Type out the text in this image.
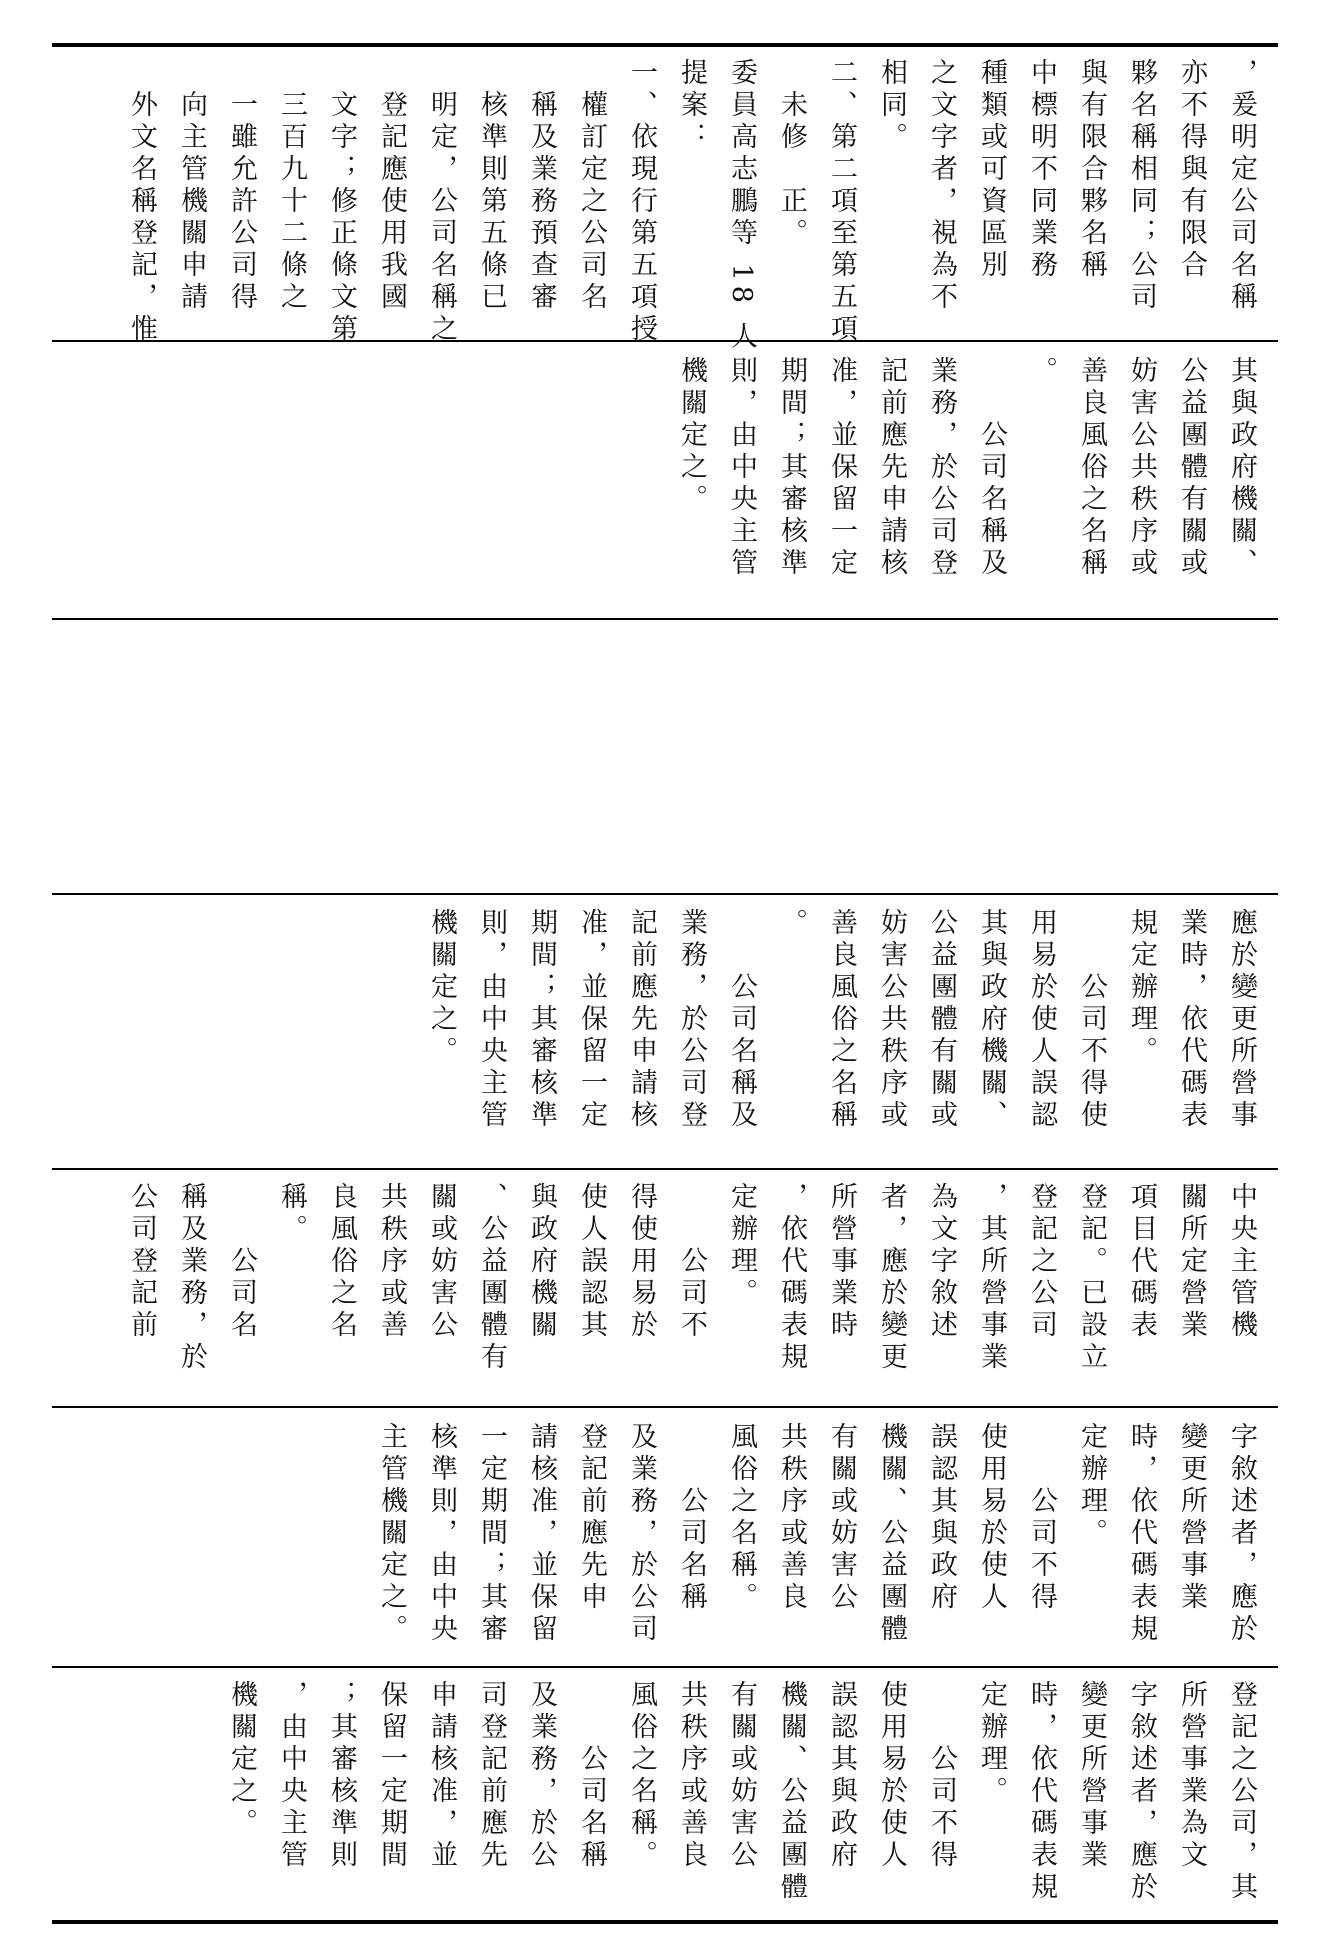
，爰明定公司名稱
亦不得與有限合
夥名稱相同；公司
與有限合夥名稱
中標明不同業務
種類或可資區別
之文字者，視為不
相同。
二、第二項至第五項
　未修　正。
委員高志鵬等 18 人
提案：
一、依現行第五項授
　權訂定之公司名
　稱及業務預查審
　核準則第五條已
　明定，公司名稱之
　登記應使用我國
　文字；修正條文第
　三百九十二條之
　一雖允許公司得
　向主管機關申請
　外文名稱登記，惟
其與政府機關、
公益團體有關或
妨害公共秩序或
善良風俗之名稱
。
　　公司名稱及
業務，於公司登
記前應先申請核
准，並保留一定
期間；其審核準
則，由中央主管
機關定之。
應於變更所營事
業時，依代碼表
規定辦理。
　　公司不得使
用易於使人誤認
其與政府機關、
公益團體有關或
妨害公共秩序或
善良風俗之名稱
。
　　公司名稱及
業務，於公司登
記前應先申請核
准，並保留一定
期間；其審核準
則，由中央主管
機關定之。
中央主管機
關所定營業
項目代碼表
登記。已設立
登記之公司
，其所營事業
為文字敘述
者，應於變更
所營事業時
，依代碼表規
定辦理。
　　公司不
得使用易於
使人誤認其
與政府機關
、公益團體有
關或妨害公
共秩序或善
良風俗之名
稱。
　　公司名
稱及業務，於
公司登記前
字敘述者，應於
變更所營事業
時，依代碼表規
定辦理。
　　公司不得
使用易於使人
誤認其與政府
機關、公益團體
有關或妨害公
共秩序或善良
風俗之名稱。
　　公司名稱
及業務，於公司
登記前應先申
請核准，並保留
一定期間；其審
核準則，由中央
主管機關定之。
登記之公司，其
所營事業為文
字敘述者，應於
變更所營事業
時，依代碼表規
定辦理。
　　公司不得
使用易於使人
誤認其與政府
機關、公益團體
有關或妨害公
共秩序或善良
風俗之名稱。
　　公司名稱
及業務，於公
司登記前應先
申請核准，並
保留一定期間
；其審核準則
，由中央主管
機關定之。
